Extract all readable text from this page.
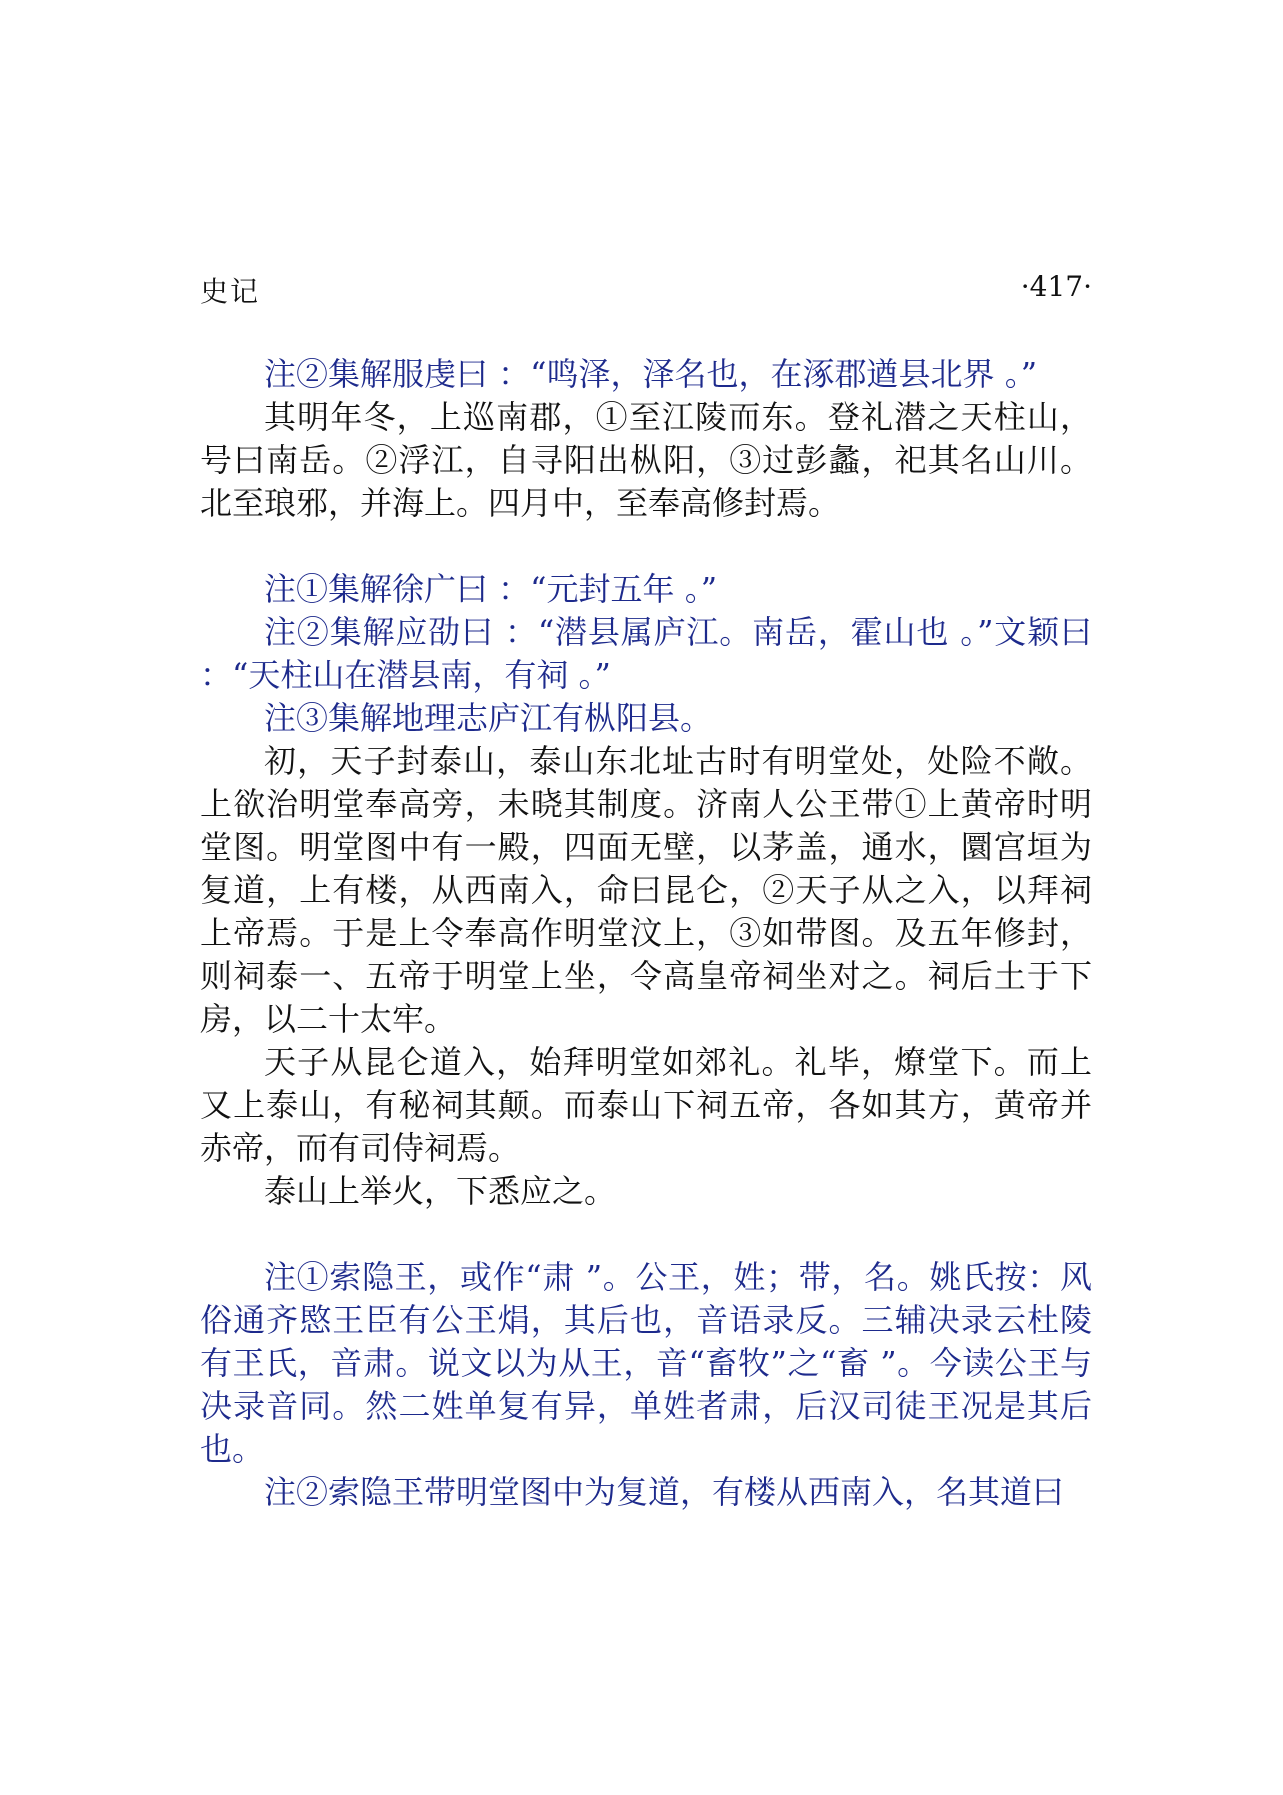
史记	·417·

注②集解服虔曰 ：“鸣泽，泽名也，在涿郡遒县北界 。”

其明年冬，上巡南郡，①至江陵而东。登礼潜之天柱山，号曰南岳。②浮江，自寻阳出枞阳，③过彭蠡，祀其名山川。北至琅邪，并海上。四月中，至奉高修封焉。

注①集解徐广曰 ：“元封五年 。”

注②集解应劭曰 ：“潜县属庐江。南岳，霍山也 。”文颖曰 ：“天柱山在潜县南，有祠 。”

注③集解地理志庐江有枞阳县。

初，天子封泰山，泰山东北址古时有明堂处，处险不敞。上欲治明堂奉高旁，未晓其制度。济南人公玊带①上黄帝时明堂图。明堂图中有一殿，四面无壁，以茅盖，通水，圜宫垣为复道，上有楼，从西南入，命曰昆仑，②天子从之入，以拜祠上帝焉。于是上令奉高作明堂汶上，③如带图。及五年修封，则祠泰一、五帝于明堂上坐，令高皇帝祠坐对之。祠后土于下房，以二十太牢。

天子从昆仑道入，始拜明堂如郊礼。礼毕，燎堂下。而上又上泰山，有秘祠其颠。而泰山下祠五帝，各如其方，黄帝并赤帝，而有司侍祠焉。

泰山上举火，下悉应之。

注①索隐玊，或作“肃 ”。公玊，姓；带，名。姚氏按：风俗通齐愍王臣有公玊焆，其后也，音语录反。三辅决录云杜陵有玊氏，音肃。说文以为从王，音“畜牧”之“畜 ”。今读公玊与决录音同。然二姓单复有异，单姓者肃，后汉司徒玊况是其后也。

注②索隐玊带明堂图中为复道，有楼从西南入，名其道曰
